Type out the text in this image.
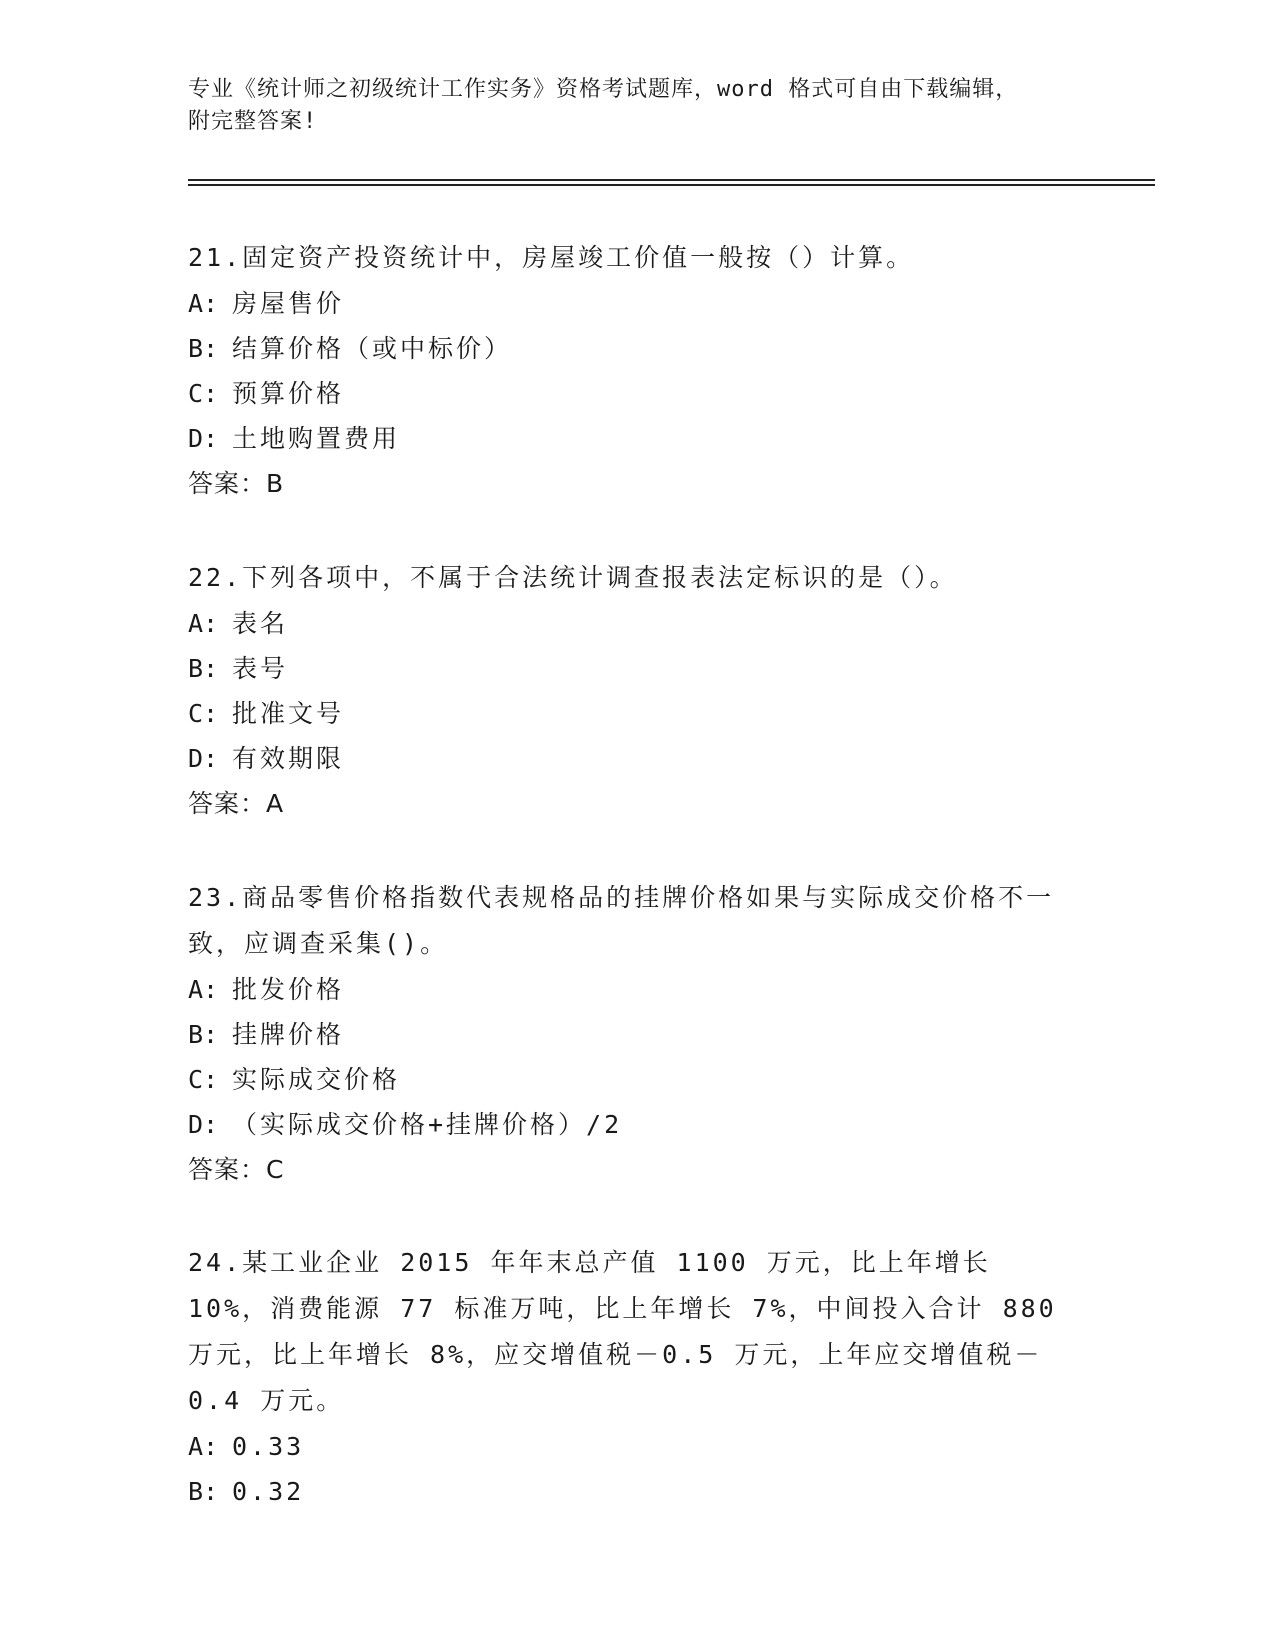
专业《统计师之初级统计工作实务》资格考试题库，word 格式可自由下载编辑，
附完整答案!

21.固定资产投资统计中，房屋竣工价值一般按（）计算。

A: 房屋售价

B: 结算价格（或中标价）

C: 预算价格

D: 土地购置费用

答案：B

22.下列各项中，不属于合法统计调查报表法定标识的是（）。

A: 表名

B: 表号

C: 批准文号

D: 有效期限

答案：A

23.商品零售价格指数代表规格品的挂牌价格如果与实际成交价格不一致，应调查采集()。

A: 批发价格

B: 挂牌价格

C: 实际成交价格

D: （实际成交价格+挂牌价格）/2

答案：C

24.某工业企业 2015 年年末总产值 1100 万元，比上年增长 10%，消费能源 77 标准万吨，比上年增长 7%，中间投入合计 880 万元，比上年增长 8%，应交增值税－0.5 万元，上年应交增值税－0.4 万元。

A: 0.33

B: 0.32
